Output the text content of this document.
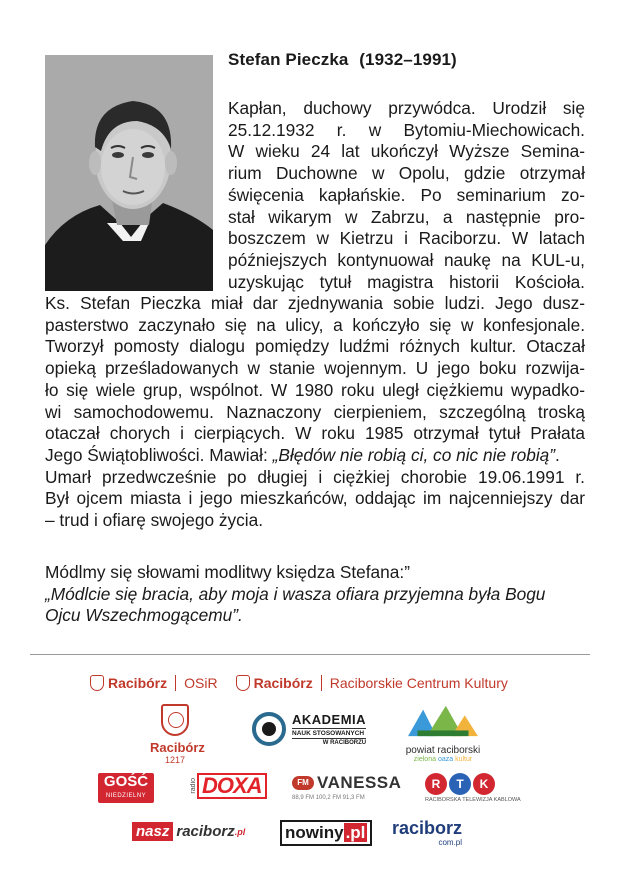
Stefan Pieczka (1932–1991)
Kapłan, duchowy przywódca. Urodził się
25.12.1932 r. w Bytomiu-Miechowicach.
W wieku 24 lat ukończył Wyższe Semina-
rium Duchowne w Opolu, gdzie otrzymał
święcenia kapłańskie. Po seminarium zo-
stał wikarym w Zabrzu, a następnie pro-
boszczem w Kietrzu i Raciborzu. W latach
późniejszych kontynuował naukę na KUL-u,
uzyskując tytuł magistra historii Kościoła.
Ks. Stefan Pieczka miał dar zjednywania sobie ludzi. Jego dusz-
pasterstwo zaczynało się na ulicy, a kończyło się w konfesjonale.
Tworzył pomosty dialogu pomiędzy ludźmi różnych kultur. Otaczał
opieką prześladowanych w stanie wojennym. U jego boku rozwija-
ło się wiele grup, wspólnot. W 1980 roku uległ ciężkiemu wypadko-
wi samochodowemu. Naznaczony cierpieniem, szczególną troską
otaczał chorych i cierpiących. W roku 1985 otrzymał tytuł Prałata
Jego Świątobliwości. Mawiał: „Błędów nie robią ci, co nic nie robią”.
Umarł przedwcześnie po długiej i ciężkiej chorobie 19.06.1991 r.
Był ojcem miasta i jego mieszkańców, oddając im najcenniejszy dar
– trud i ofiarę swojego życia.
Módlmy się słowami modlitwy księdza Stefana:”
„Módlcie się bracia, aby moja i wasza ofiara przyjemna była Bogu
Ojcu Wszechmogącemu”.
Racibórz OSiR	Racibórz Raciborskie Centrum Kultury
Racibórz
1217
AKADEMIA
NAUK STOSOWANYCH
W RACIBORZU
powiat raciborski
zielona oaza kultur
GOŚĆ
NIEDZIELNY
radio DOXA	FM VANESSA
88,9 FM 100,2 FM 91,3 FM
R	T	K
RACIBORSKA TELEWIZJA KABLOWA
nasz raciborz .pl nowiny .pl	raciborz
com.pl
